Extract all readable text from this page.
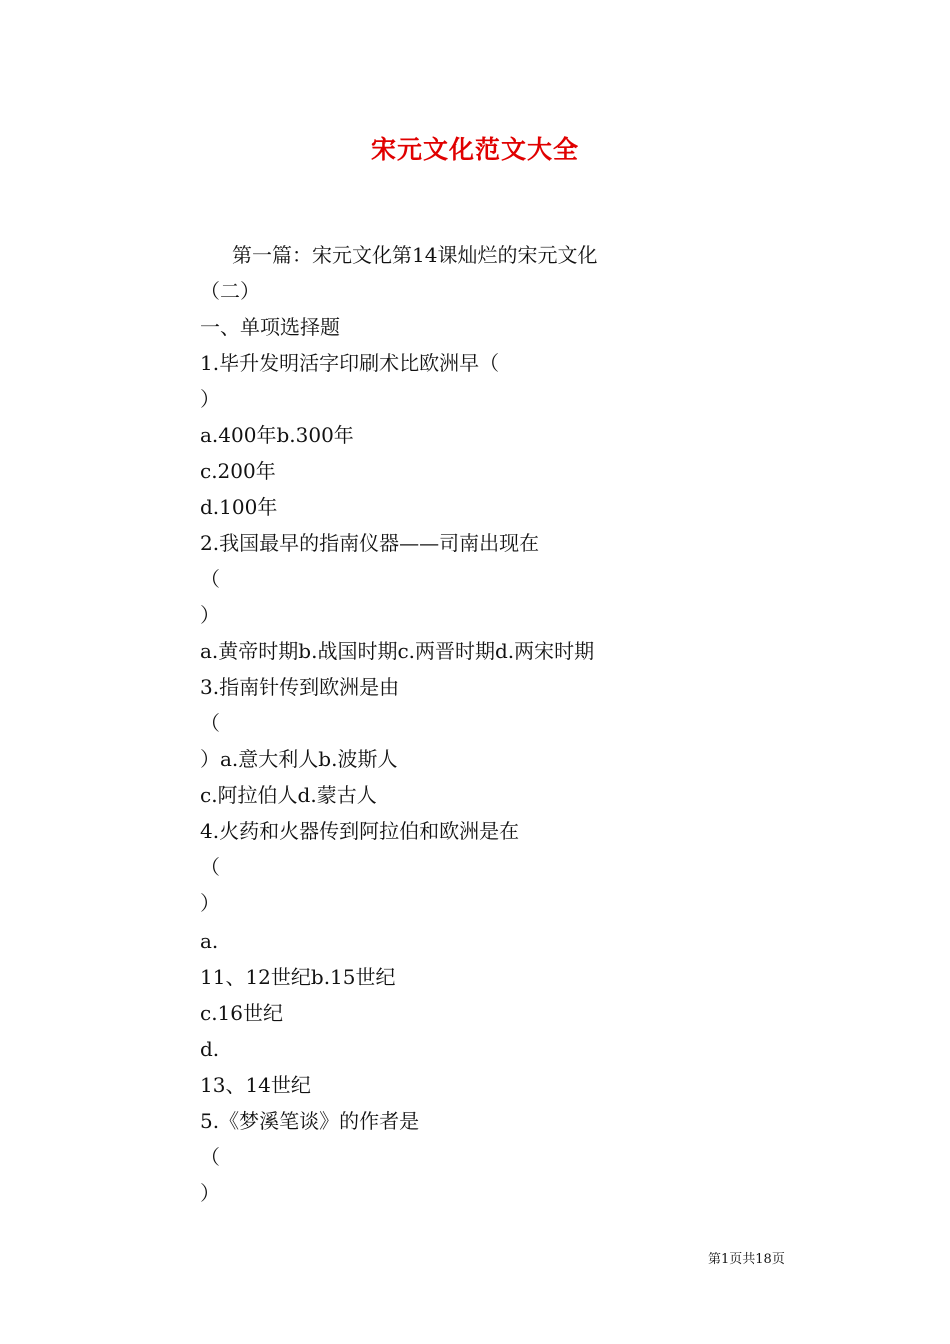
宋元文化范文大全
第一篇：宋元文化第14课灿烂的宋元文化
（二）
一、单项选择题
1.毕升发明活字印刷术比欧洲早（
）
a.400年b.300年
c.200年
d.100年
2.我国最早的指南仪器——司南出现在
（
）
a.黄帝时期b.战国时期c.两晋时期d.两宋时期
3.指南针传到欧洲是由
（
）a.意大利人b.波斯人
c.阿拉伯人d.蒙古人
4.火药和火器传到阿拉伯和欧洲是在
（
）
a.
11、12世纪b.15世纪
c.16世纪
d.
13、14世纪
5.《梦溪笔谈》的作者是
（
）
第1页共18页
